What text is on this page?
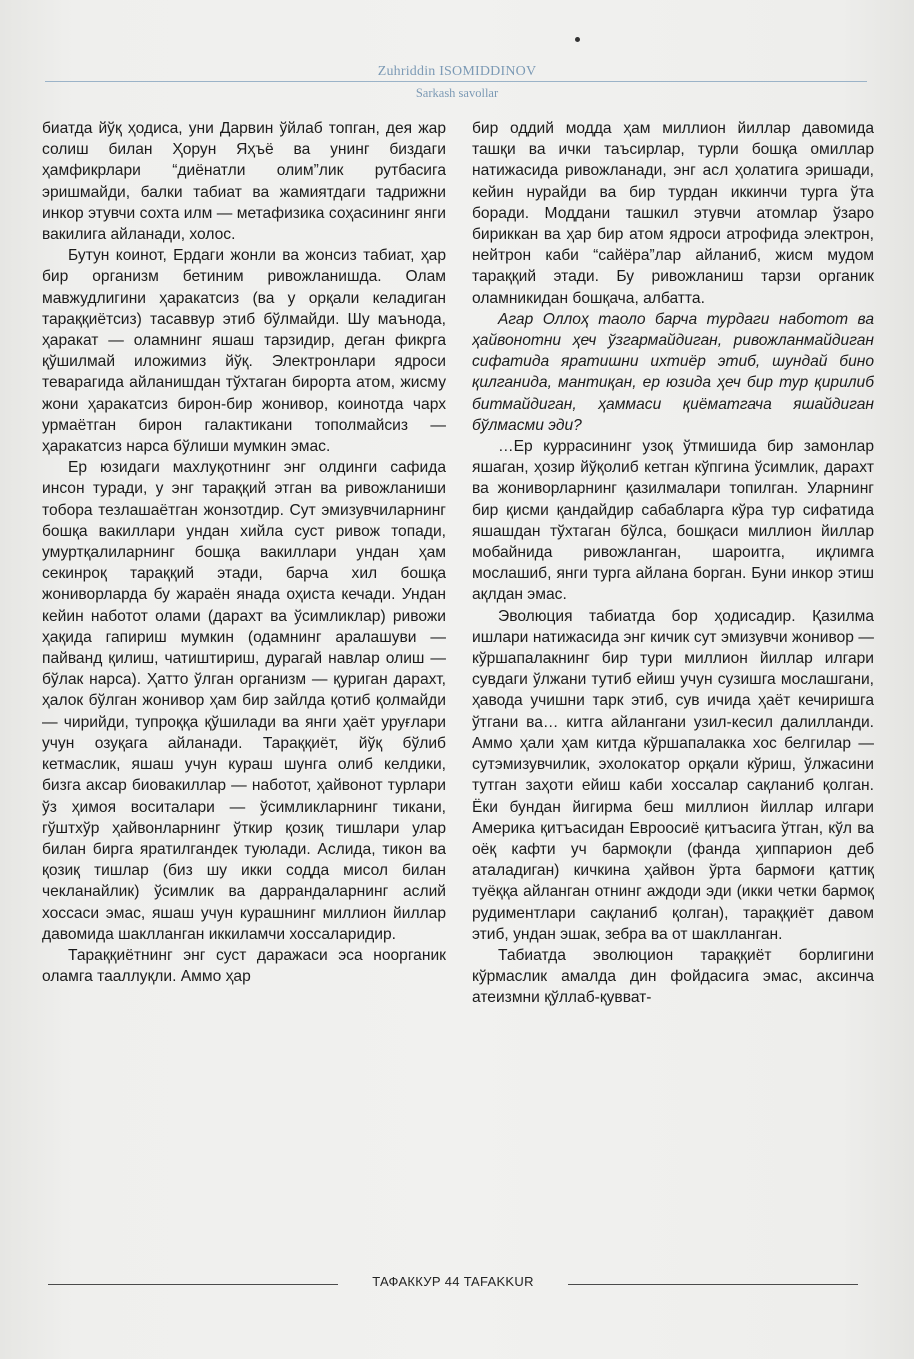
Zuhriddin ISOMIDDINOV
Sarkash savollar

биатда йўқ ҳодиса, уни Дарвин ўйлаб топган, дея жар солиш билан Ҳорун Яҳъё ва унинг биздаги ҳамфикрлари “диёнатли олим”лик рутбасига эришмайди, балки табиат ва жамиятдаги тадрижни инкор этувчи сохта илм — метафизика соҳасининг янги вакилига айланади, холос.

Бутун коинот, Ердаги жонли ва жонсиз табиат, ҳар бир организм бетиним ривожланишда. Олам мавжудлигини ҳаракатсиз (ва у орқали келадиган тараққиётсиз) тасаввур этиб бўлмайди. Шу маънода, ҳаракат — оламнинг яшаш тарзидир, деган фикрга қўшилмай иложимиз йўқ. Электронлари ядроси теварагида айланишдан тўхтаган бирорта атом, жисму жони ҳаракатсиз бирон-бир жонивор, коинотда чарх урмаётган бирон галактикани тополмайсиз — ҳаракатсиз нарса бўлиши мумкин эмас.

Ер юзидаги махлуқотнинг энг олдинги сафида инсон туради, у энг тараққий этган ва ривожланиши тобора тезлашаётган жонзотдир. Сут эмизувчиларнинг бошқа вакиллари ундан хийла суст ривож топади, умуртқалиларнинг бошқа вакиллари ундан ҳам секинроқ тараққий этади, барча хил бошқа жониворларда бу жараён янада оҳиста кечади. Ундан кейин наботот олами (дарахт ва ўсимликлар) ривожи ҳақида гапириш мумкин (одамнинг аралашуви — пайванд қилиш, чатиштириш, дурагай навлар олиш — бўлак нарса). Ҳатто ўлган организм — қуриган дарахт, ҳалок бўлган жонивор ҳам бир зайлда қотиб қолмайди — чирийди, тупроққа қўшилади ва янги ҳаёт уруғлари учун озуқага айланади. Тараққиёт, йўқ бўлиб кетмаслик, яшаш учун кураш шунга олиб келдики, бизга аксар биовакиллар — наботот, ҳайвонот турлари ўз ҳимоя воситалари — ўсимликларнинг тикани, гўштхўр ҳайвонларнинг ўткир қозиқ тишлари улар билан бирга яратилгандек туюлади. Аслида, тикон ва қозиқ тишлар (биз шу икки содда мисол билан чекланайлик) ўсимлик ва даррандаларнинг аслий хоссаси эмас, яшаш учун курашнинг миллион йиллар давомида шаклланган иккиламчи хоссаларидир.

Тараққиётнинг энг суст даражаси эса ноорганик оламга тааллуқли. Аммо ҳар

бир оддий модда ҳам миллион йиллар давомида ташқи ва ички таъсирлар, турли бошқа омиллар натижасида ривожланади, энг асл ҳолатига эришади, кейин нурайди ва бир турдан иккинчи турга ўта боради. Моддани ташкил этувчи атомлар ўзаро бириккан ва ҳар бир атом ядроси атрофида электрон, нейтрон каби “сайёра”лар айланиб, жисм мудом тараққий этади. Бу ривожланиш тарзи органик оламникидан бошқача, албатта.

Агар Оллоҳ таоло барча турдаги наботот ва ҳайвонотни ҳеч ўзгармайдиган, ривожланмайдиган сифатида яратишни ихтиёр этиб, шундай бино қилганида, мантиқан, ер юзида ҳеч бир тур қирилиб битмайдиган, ҳаммаси қиёматгача яшайдиган бўлмасми эди?

…Ер куррасининг узоқ ўтмишида бир замонлар яшаган, ҳозир йўқолиб кетган кўпгина ўсимлик, дарахт ва жониворларнинг қазилмалари топилган. Уларнинг бир қисми қандайдир сабабларга кўра тур сифатида яшашдан тўхтаган бўлса, бошқаси миллион йиллар мобайнида ривожланган, шароитга, иқлимга мослашиб, янги турга айлана борган. Буни инкор этиш ақлдан эмас.

Эволюция табиатда бор ҳодисадир. Қазилма ишлари натижасида энг кичик сут эмизувчи жонивор — кўршапалакнинг бир тури миллион йиллар илгари сувдаги ўлжани тутиб ейиш учун сузишга мослашгани, ҳавода учишни тарк этиб, сув ичида ҳаёт кечиришга ўтгани ва… китга айлангани узил-кесил далилланди. Аммо ҳали ҳам китда кўршапалакка хос белгилар — сутэмизувчилик, эхолокатор орқали кўриш, ўлжасини тутган заҳоти ейиш каби хоссалар сақланиб қолган. Ёки бундан йигирма беш миллион йиллар илгари Америка қитъасидан Евроосиё қитъасига ўтган, кўл ва оёқ кафти уч бармоқли (фанда ҳиппарион деб аталадиган) кичкина ҳайвон ўрта бармоғи қаттиқ туёққа айланган отнинг аждоди эди (икки четки бармоқ рудиментлари сақланиб қолган), тараққиёт давом этиб, ундан эшак, зебра ва от шаклланган.

Табиатда эволюцион тараққиёт борлигини кўрмаслик амалда дин фойдасига эмас, аксинча атеизмни қўллаб-қувват-

ТАФАККУР 44 TAFAKKUR
